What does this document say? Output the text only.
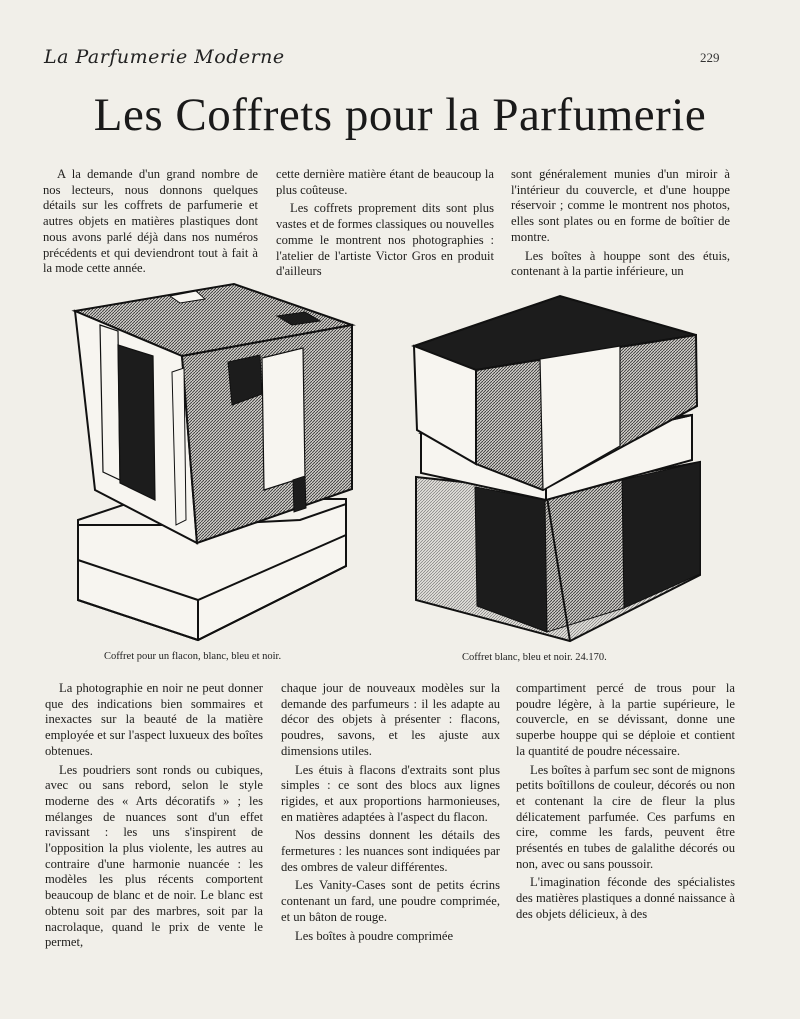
La Parfumerie Moderne	229
Les Coffrets pour la Parfumerie

A la demande d'un grand nombre de nos lecteurs, nous donnons quelques détails sur les coffrets de parfumerie et autres objets en matières plastiques dont nous avons parlé déjà dans nos numéros précédents et qui deviendront tout à fait à la mode cette année.

cette dernière matière étant de beaucoup la plus coûteuse.

Les coffrets proprement dits sont plus vastes et de formes classiques ou nouvelles comme le montrent nos photographies : l'atelier de l'artiste Victor Gros en produit d'ailleurs

sont généralement munies d'un miroir à l'intérieur du couvercle, et d'une houppe réservoir ; comme le montrent nos photos, elles sont plates ou en forme de boîtier de montre.

Les boîtes à houppe sont des étuis, contenant à la partie inférieure, un

Coffret pour un flacon, blanc, bleu et noir.	Coffret blanc, bleu et noir. 24.170.

La photographie en noir ne peut donner que des indications bien sommaires et inexactes sur la beauté de la matière employée et sur l'aspect luxueux des boîtes obtenues.

Les poudriers sont ronds ou cubiques, avec ou sans rebord, selon le style moderne des « Arts décoratifs » ; les mélanges de nuances sont d'un effet ravissant : les uns s'inspirent de l'opposition la plus violente, les autres au contraire d'une harmonie nuancée : les modèles les plus récents comportent beaucoup de blanc et de noir. Le blanc est obtenu soit par des marbres, soit par la nacrolaque, quand le prix de vente le permet,

chaque jour de nouveaux modèles sur la demande des parfumeurs : il les adapte au décor des objets à présenter : flacons, poudres, savons, et les ajuste aux dimensions utiles.

Les étuis à flacons d'extraits sont plus simples : ce sont des blocs aux lignes rigides, et aux proportions harmonieuses, en matières adaptées à l'aspect du flacon.

Nos dessins donnent les détails des fermetures : les nuances sont indiquées par des ombres de valeur différentes.

Les Vanity-Cases sont de petits écrins contenant un fard, une poudre comprimée, et un bâton de rouge.

Les boîtes à poudre comprimée

compartiment percé de trous pour la poudre légère, à la partie supérieure, le couvercle, en se dévissant, donne une superbe houppe qui se déploie et contient la quantité de poudre nécessaire.

Les boîtes à parfum sec sont de mignons petits boîtillons de couleur, décorés ou non et contenant la cire de fleur la plus délicatement parfumée. Ces parfums en cire, comme les fards, peuvent être présentés en tubes de galalithe décorés ou non, avec ou sans poussoir.

L'imagination féconde des spécialistes des matières plastiques a donné naissance à des objets délicieux, à des
